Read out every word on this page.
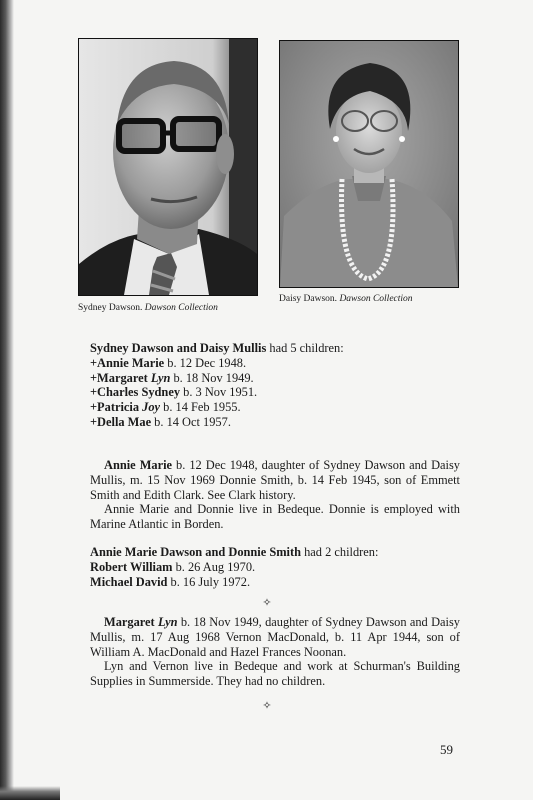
Sydney Dawson. Dawson Collection
Daisy Dawson. Dawson Collection
Sydney Dawson and Daisy Mullis had 5 children:
+Annie Marie b. 12 Dec 1948.
+Margaret Lyn b. 18 Nov 1949.
+Charles Sydney b. 3 Nov 1951.
+Patricia Joy b. 14 Feb 1955.
+Della Mae b. 14 Oct 1957.
Annie Marie b. 12 Dec 1948, daughter of Sydney Dawson and Daisy Mullis, m. 15 Nov 1969 Donnie Smith, b. 14 Feb 1945, son of Emmett Smith and Edith Clark. See Clark history.
Annie Marie and Donnie live in Bedeque. Donnie is employed with Marine Atlantic in Borden.
Annie Marie Dawson and Donnie Smith had 2 children:
Robert William b. 26 Aug 1970.
Michael David b. 16 July 1972.
✧
Margaret Lyn b. 18 Nov 1949, daughter of Sydney Dawson and Daisy Mullis, m. 17 Aug 1968 Vernon MacDonald, b. 11 Apr 1944, son of William A. MacDonald and Hazel Frances Noonan.
Lyn and Vernon live in Bedeque and work at Schurman's Building Supplies in Summerside. They had no children.
✧
59
